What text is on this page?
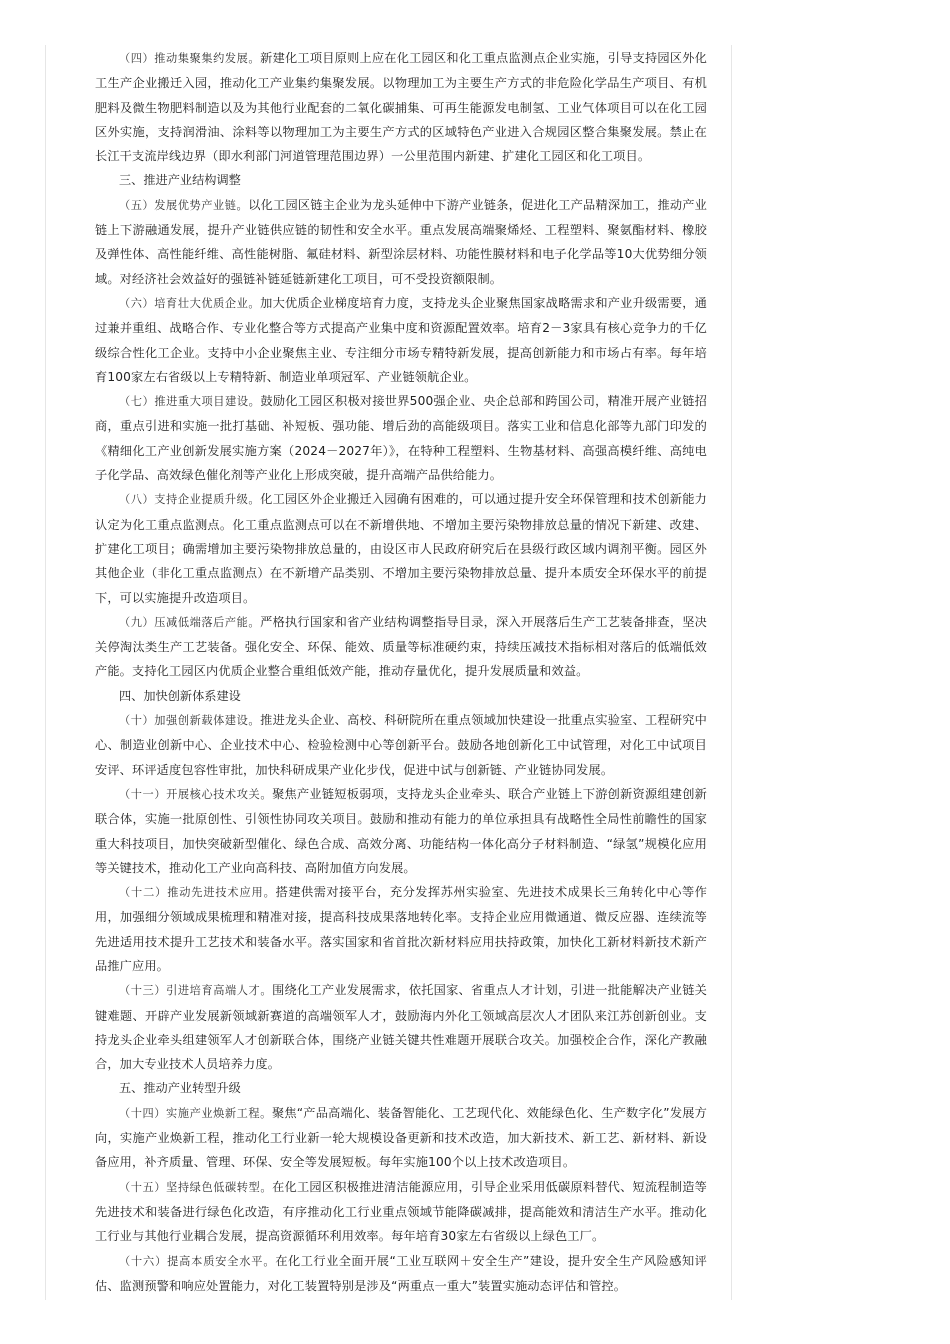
（四）推动集聚集约发展。新建化工项目原则上应在化工园区和化工重点监测点企业实施，引导支持园区外化工生产企业搬迁入园，推动化工产业集约集聚发展。以物理加工为主要生产方式的非危险化学品生产项目、有机肥料及微生物肥料制造以及为其他行业配套的二氧化碳捕集、可再生能源发电制氢、工业气体项目可以在化工园区外实施，支持润滑油、涂料等以物理加工为主要生产方式的区域特色产业进入合规园区整合集聚发展。禁止在长江干支流岸线边界（即水利部门河道管理范围边界）一公里范围内新建、扩建化工园区和化工项目。

三、推进产业结构调整

（五）发展优势产业链。以化工园区链主企业为龙头延伸中下游产业链条，促进化工产品精深加工，推动产业链上下游融通发展，提升产业链供应链的韧性和安全水平。重点发展高端聚烯烃、工程塑料、聚氨酯材料、橡胶及弹性体、高性能纤维、高性能树脂、氟硅材料、新型涂层材料、功能性膜材料和电子化学品等10大优势细分领域。对经济社会效益好的强链补链延链新建化工项目，可不受投资额限制。

（六）培育壮大优质企业。加大优质企业梯度培育力度，支持龙头企业聚焦国家战略需求和产业升级需要，通过兼并重组、战略合作、专业化整合等方式提高产业集中度和资源配置效率。培育2－3家具有核心竞争力的千亿级综合性化工企业。支持中小企业聚焦主业、专注细分市场专精特新发展，提高创新能力和市场占有率。每年培育100家左右省级以上专精特新、制造业单项冠军、产业链领航企业。

（七）推进重大项目建设。鼓励化工园区积极对接世界500强企业、央企总部和跨国公司，精准开展产业链招商，重点引进和实施一批打基础、补短板、强功能、增后劲的高能级项目。落实工业和信息化部等九部门印发的《精细化工产业创新发展实施方案（2024－2027年）》，在特种工程塑料、生物基材料、高强高模纤维、高纯电子化学品、高效绿色催化剂等产业化上形成突破，提升高端产品供给能力。

（八）支持企业提质升级。化工园区外企业搬迁入园确有困难的，可以通过提升安全环保管理和技术创新能力认定为化工重点监测点。化工重点监测点可以在不新增供地、不增加主要污染物排放总量的情况下新建、改建、扩建化工项目；确需增加主要污染物排放总量的，由设区市人民政府研究后在县级行政区域内调剂平衡。园区外其他企业（非化工重点监测点）在不新增产品类别、不增加主要污染物排放总量、提升本质安全环保水平的前提下，可以实施提升改造项目。

（九）压减低端落后产能。严格执行国家和省产业结构调整指导目录，深入开展落后生产工艺装备排查，坚决关停淘汰类生产工艺装备。强化安全、环保、能效、质量等标准硬约束，持续压减技术指标相对落后的低端低效产能。支持化工园区内优质企业整合重组低效产能，推动存量优化，提升发展质量和效益。

四、加快创新体系建设

（十）加强创新载体建设。推进龙头企业、高校、科研院所在重点领域加快建设一批重点实验室、工程研究中心、制造业创新中心、企业技术中心、检验检测中心等创新平台。鼓励各地创新化工中试管理，对化工中试项目安评、环评适度包容性审批，加快科研成果产业化步伐，促进中试与创新链、产业链协同发展。

（十一）开展核心技术攻关。聚焦产业链短板弱项，支持龙头企业牵头、联合产业链上下游创新资源组建创新联合体，实施一批原创性、引领性协同攻关项目。鼓励和推动有能力的单位承担具有战略性全局性前瞻性的国家重大科技项目，加快突破新型催化、绿色合成、高效分离、功能结构一体化高分子材料制造、“绿氢”规模化应用等关键技术，推动化工产业向高科技、高附加值方向发展。

（十二）推动先进技术应用。搭建供需对接平台，充分发挥苏州实验室、先进技术成果长三角转化中心等作用，加强细分领域成果梳理和精准对接，提高科技成果落地转化率。支持企业应用微通道、微反应器、连续流等先进适用技术提升工艺技术和装备水平。落实国家和省首批次新材料应用扶持政策，加快化工新材料新技术新产品推广应用。

（十三）引进培育高端人才。围绕化工产业发展需求，依托国家、省重点人才计划，引进一批能解决产业链关键难题、开辟产业发展新领域新赛道的高端领军人才，鼓励海内外化工领域高层次人才团队来江苏创新创业。支持龙头企业牵头组建领军人才创新联合体，围绕产业链关键共性难题开展联合攻关。加强校企合作，深化产教融合，加大专业技术人员培养力度。

五、推动产业转型升级

（十四）实施产业焕新工程。聚焦“产品高端化、装备智能化、工艺现代化、效能绿色化、生产数字化”发展方向，实施产业焕新工程，推动化工行业新一轮大规模设备更新和技术改造，加大新技术、新工艺、新材料、新设备应用，补齐质量、管理、环保、安全等发展短板。每年实施100个以上技术改造项目。

（十五）坚持绿色低碳转型。在化工园区积极推进清洁能源应用，引导企业采用低碳原料替代、短流程制造等先进技术和装备进行绿色化改造，有序推动化工行业重点领域节能降碳减排，提高能效和清洁生产水平。推动化工行业与其他行业耦合发展，提高资源循环利用效率。每年培育30家左右省级以上绿色工厂。

（十六）提高本质安全水平。在化工行业全面开展“工业互联网＋安全生产”建设，提升安全生产风险感知评估、监测预警和响应处置能力，对化工装置特别是涉及“两重点一重大”装置实施动态评估和管控。
